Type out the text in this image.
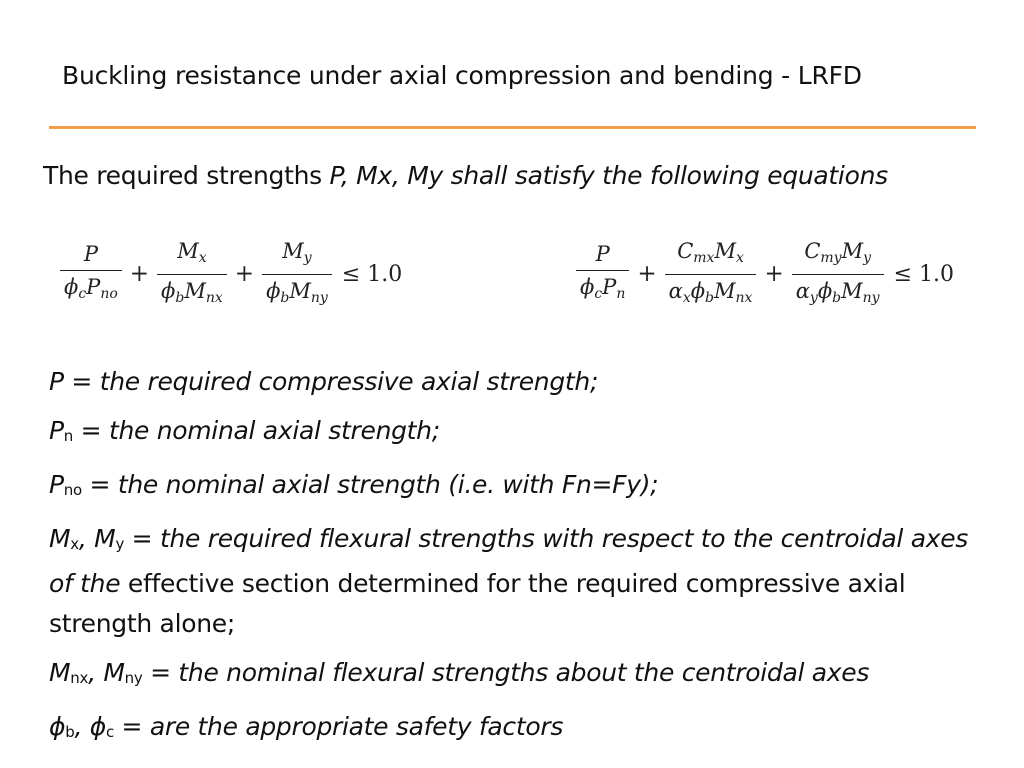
Buckling resistance under axial compression and bending - LRFD
The required strengths P, Mx, My shall satisfy the following equations
$\frac{P}{\text{ϕcPno}} + \frac{Mx}{\text{ϕbMnx}} + \frac{My}{\text{ϕbMny}} \le 1.0$	$\frac{P}{\text{ϕcPn}} + \frac{\text{CmxMx}}{\text{αxϕbMnx}} + \frac{\text{CmyMy}}{\text{αyϕbMny}} \le 1.0$
P = the required compressive axial strength;
Pn = the nominal axial strength;
Pno = the nominal axial strength (i.e. with Fn=Fy);
Mx, My = the required flexural strengths with respect to the centroidal axes of the effective section determined for the required compressive axial strength alone;
Mnx, Mny = the nominal flexural strengths about the centroidal axes
ϕb, ϕc = are the appropriate safety factors
